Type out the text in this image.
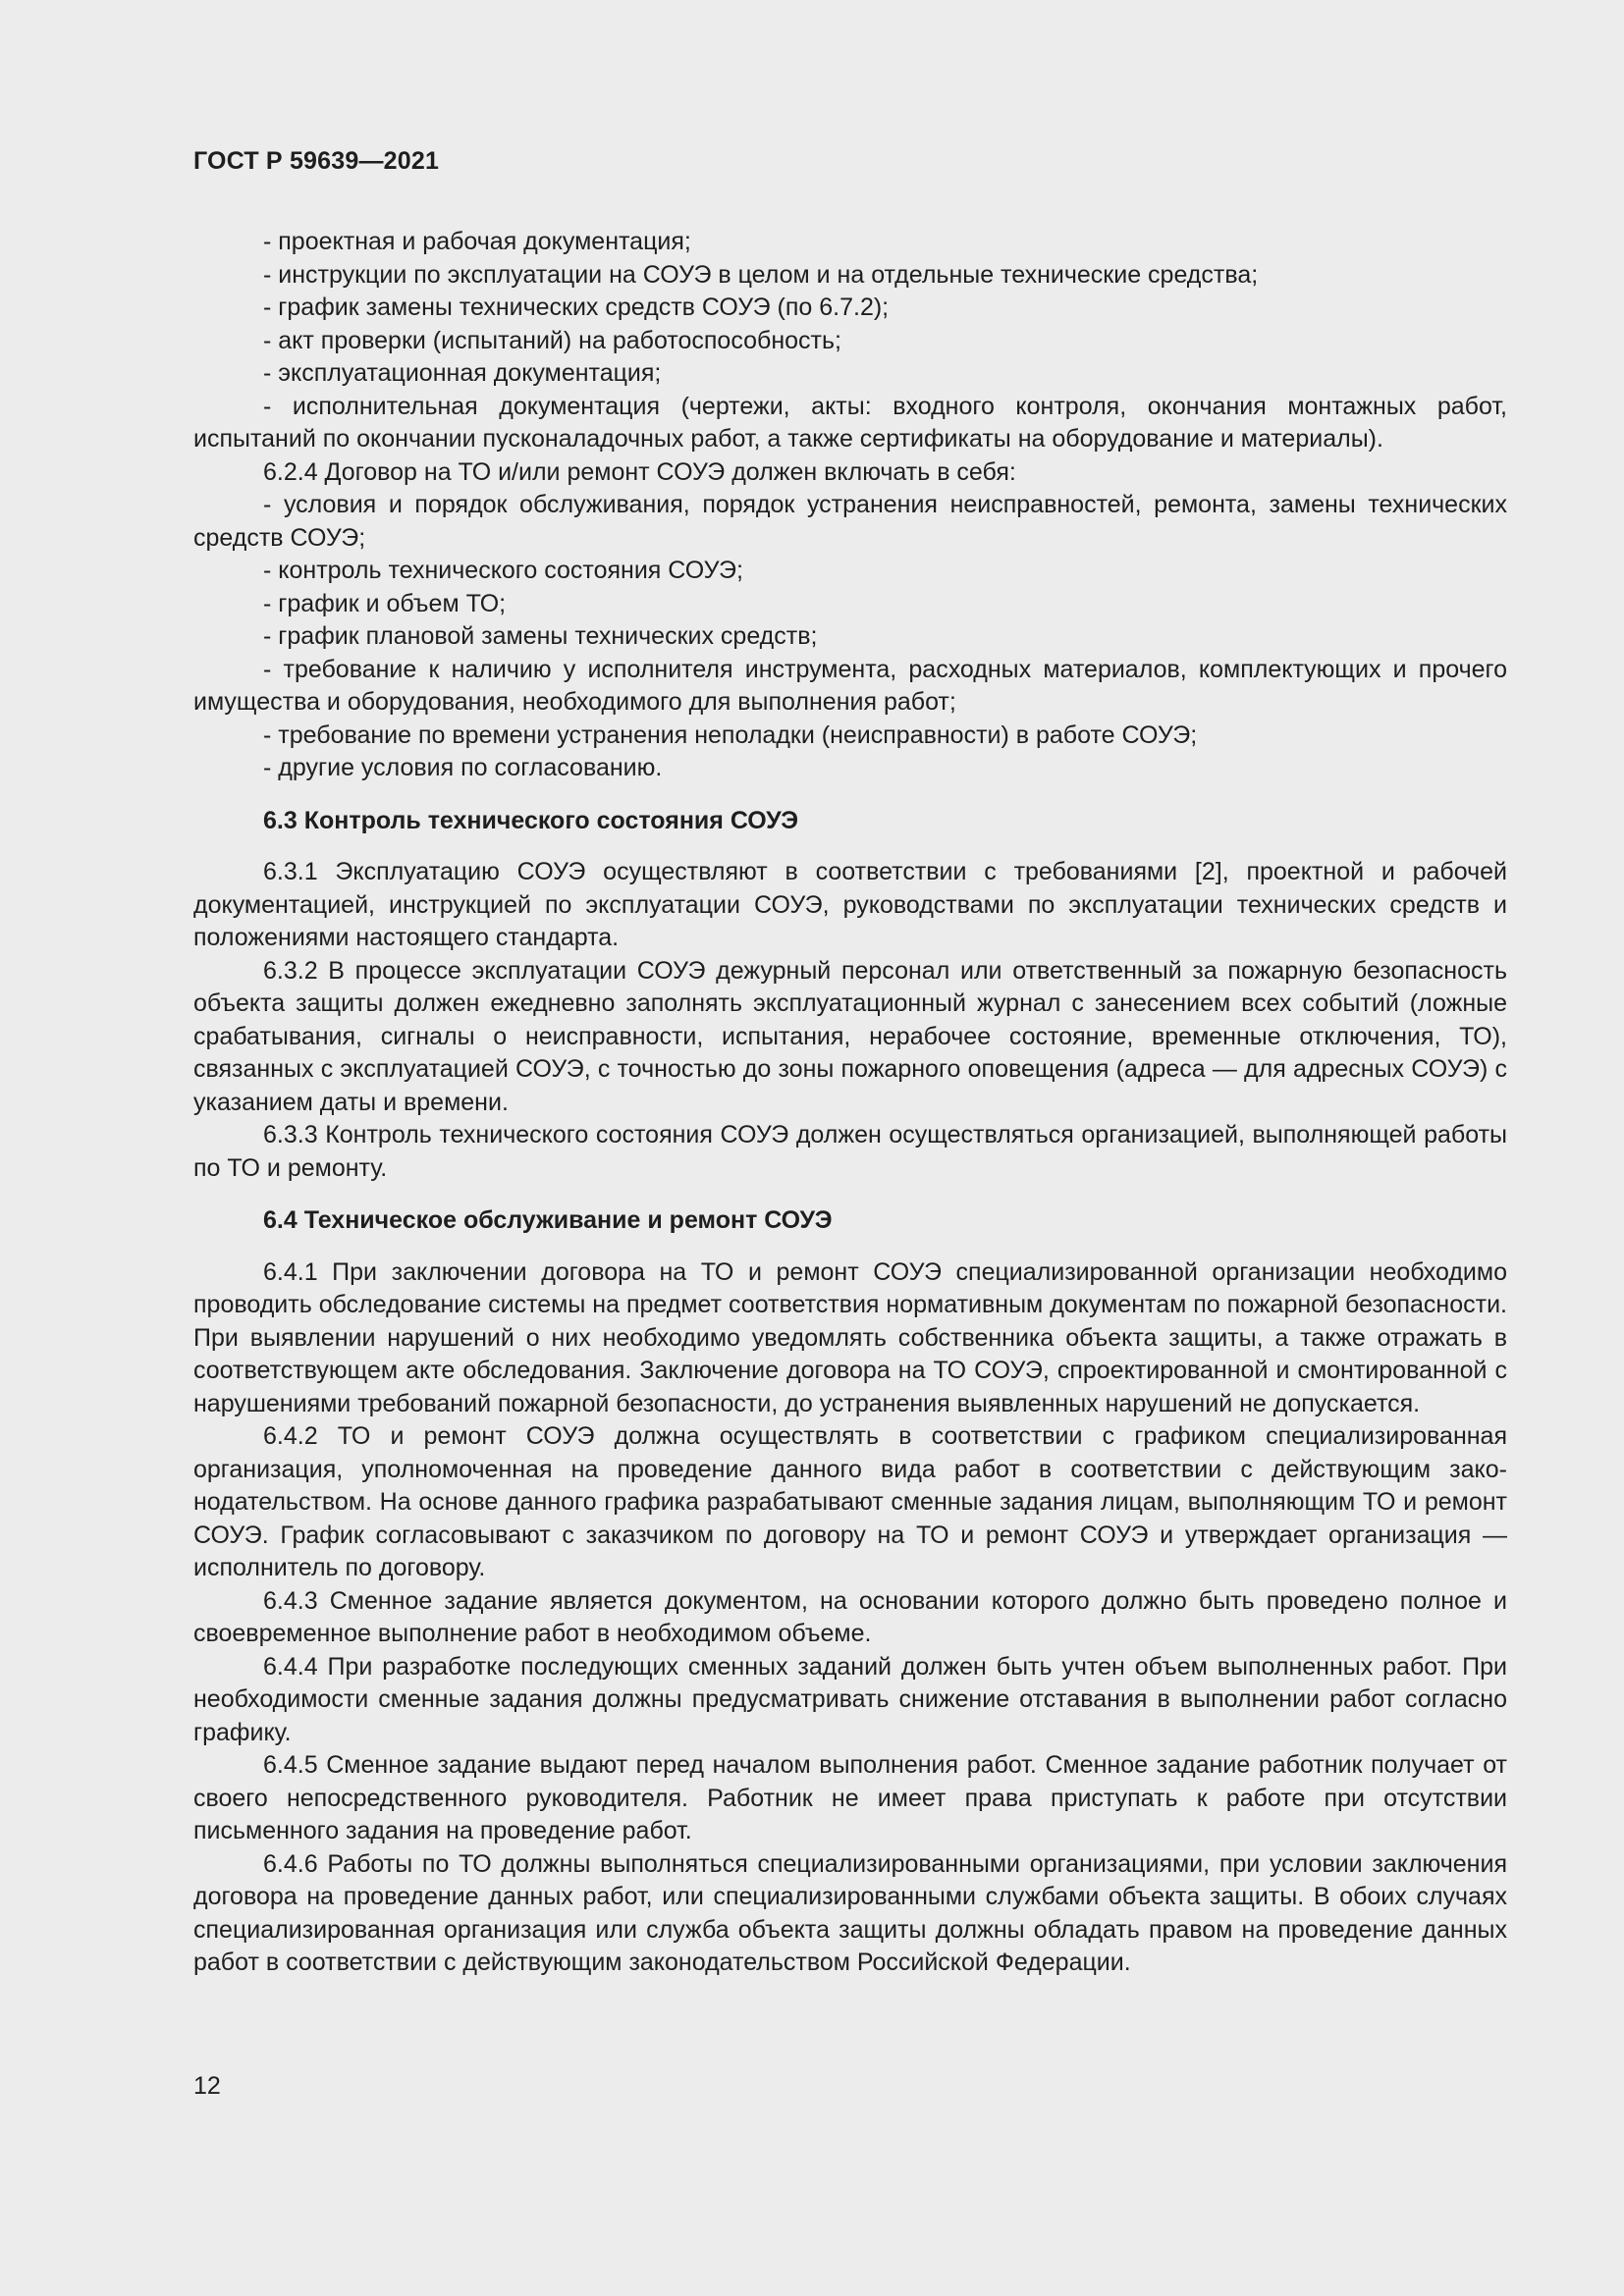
ГОСТ Р 59639—2021

- проектная и рабочая документация;

- инструкции по эксплуатации на СОУЭ в целом и на отдельные технические средства;

- график замены технических средств СОУЭ (по 6.7.2);

- акт проверки (испытаний) на работоспособность;

- эксплуатационная документация;

- исполнительная документация (чертежи, акты: входного контроля, окончания монтажных работ, испытаний по окончании пусконаладочных работ, а также сертификаты на оборудование и материалы).

6.2.4 Договор на ТО и/или ремонт СОУЭ должен включать в себя:

- условия и порядок обслуживания, порядок устранения неисправностей, ремонта, замены технических средств СОУЭ;

- контроль технического состояния СОУЭ;

- график и объем ТО;

- график плановой замены технических средств;

- требование к наличию у исполнителя инструмента, расходных материалов, комплектующих и прочего имущества и оборудования, необходимого для выполнения работ;

- требование по времени устранения неполадки (неисправности) в работе СОУЭ;

- другие условия по согласованию.

6.3 Контроль технического состояния СОУЭ

6.3.1 Эксплуатацию СОУЭ осуществляют в соответствии с требованиями [2], проектной и рабочей документацией, инструкцией по эксплуатации СОУЭ, руководствами по эксплуатации технических средств и положениями настоящего стандарта.

6.3.2 В процессе эксплуатации СОУЭ дежурный персонал или ответственный за пожарную безопасность объекта защиты должен ежедневно заполнять эксплуатационный журнал с занесением всех событий (ложные срабатывания, сигналы о неисправности, испытания, нерабочее состояние, временные отключения, ТО), связанных с эксплуатацией СОУЭ, с точностью до зоны пожарного оповещения (адреса — для адресных СОУЭ) с указанием даты и времени.

6.3.3 Контроль технического состояния СОУЭ должен осуществляться организацией, выполняющей работы по ТО и ремонту.

6.4 Техническое обслуживание и ремонт СОУЭ

6.4.1 При заключении договора на ТО и ремонт СОУЭ специализированной организации необходимо проводить обследование системы на предмет соответствия нормативным документам по пожарной безопасности. При выявлении нарушений о них необходимо уведомлять собственника объекта защиты, а также отражать в соответствующем акте обследования. Заключение договора на ТО СОУЭ, спроектированной и смонтированной с нарушениями требований пожарной безопасности, до устранения выявленных нарушений не допускается.

6.4.2 ТО и ремонт СОУЭ должна осуществлять в соответствии с графиком специализированная организация, уполномоченная на проведение данного вида работ в соответствии с действующим законодательством. На основе данного графика разрабатывают сменные задания лицам, выполняющим ТО и ремонт СОУЭ. График согласовывают с заказчиком по договору на ТО и ремонт СОУЭ и утверждает организация — исполнитель по договору.

6.4.3 Сменное задание является документом, на основании которого должно быть проведено полное и своевременное выполнение работ в необходимом объеме.

6.4.4 При разработке последующих сменных заданий должен быть учтен объем выполненных работ. При необходимости сменные задания должны предусматривать снижение отставания в выполнении работ согласно графику.

6.4.5 Сменное задание выдают перед началом выполнения работ. Сменное задание работник получает от своего непосредственного руководителя. Работник не имеет права приступать к работе при отсутствии письменного задания на проведение работ.

6.4.6 Работы по ТО должны выполняться специализированными организациями, при условии заключения договора на проведение данных работ, или специализированными службами объекта защиты. В обоих случаях специализированная организация или служба объекта защиты должны обладать правом на проведение данных работ в соответствии с действующим законодательством Российской Федерации.

12
